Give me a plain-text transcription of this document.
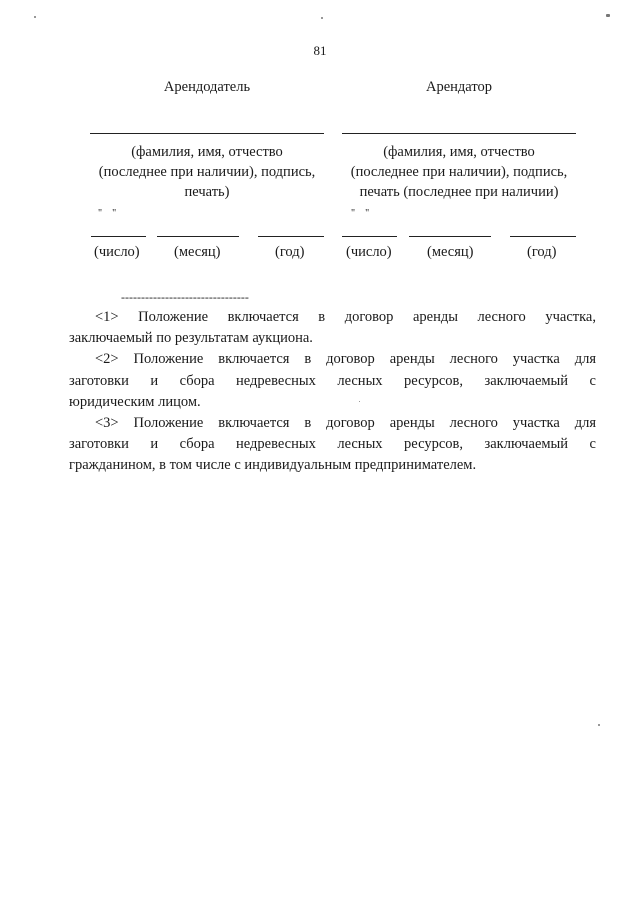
81
Арендодатель
(фамилия, имя, отчество
(последнее при наличии), подпись,
печать)
"    "
(число) (месяц)	(год)
Арендатор
(фамилия, имя, отчество
(последнее при наличии), подпись,
печать (последнее при наличии)
"    "
(число) (месяц)	(год)
--------------------------------

<1> Положение включается в договор аренды лесного участка,
заключаемый по результатам аукциона.

<2> Положение включается в договор аренды лесного участка для
заготовки и сбора недревесных лесных ресурсов, заключаемый с
юридическим лицом.

<3> Положение включается в договор аренды лесного участка для
заготовки и сбора недревесных лесных ресурсов, заключаемый с
гражданином, в том числе с индивидуальным предпринимателем.
